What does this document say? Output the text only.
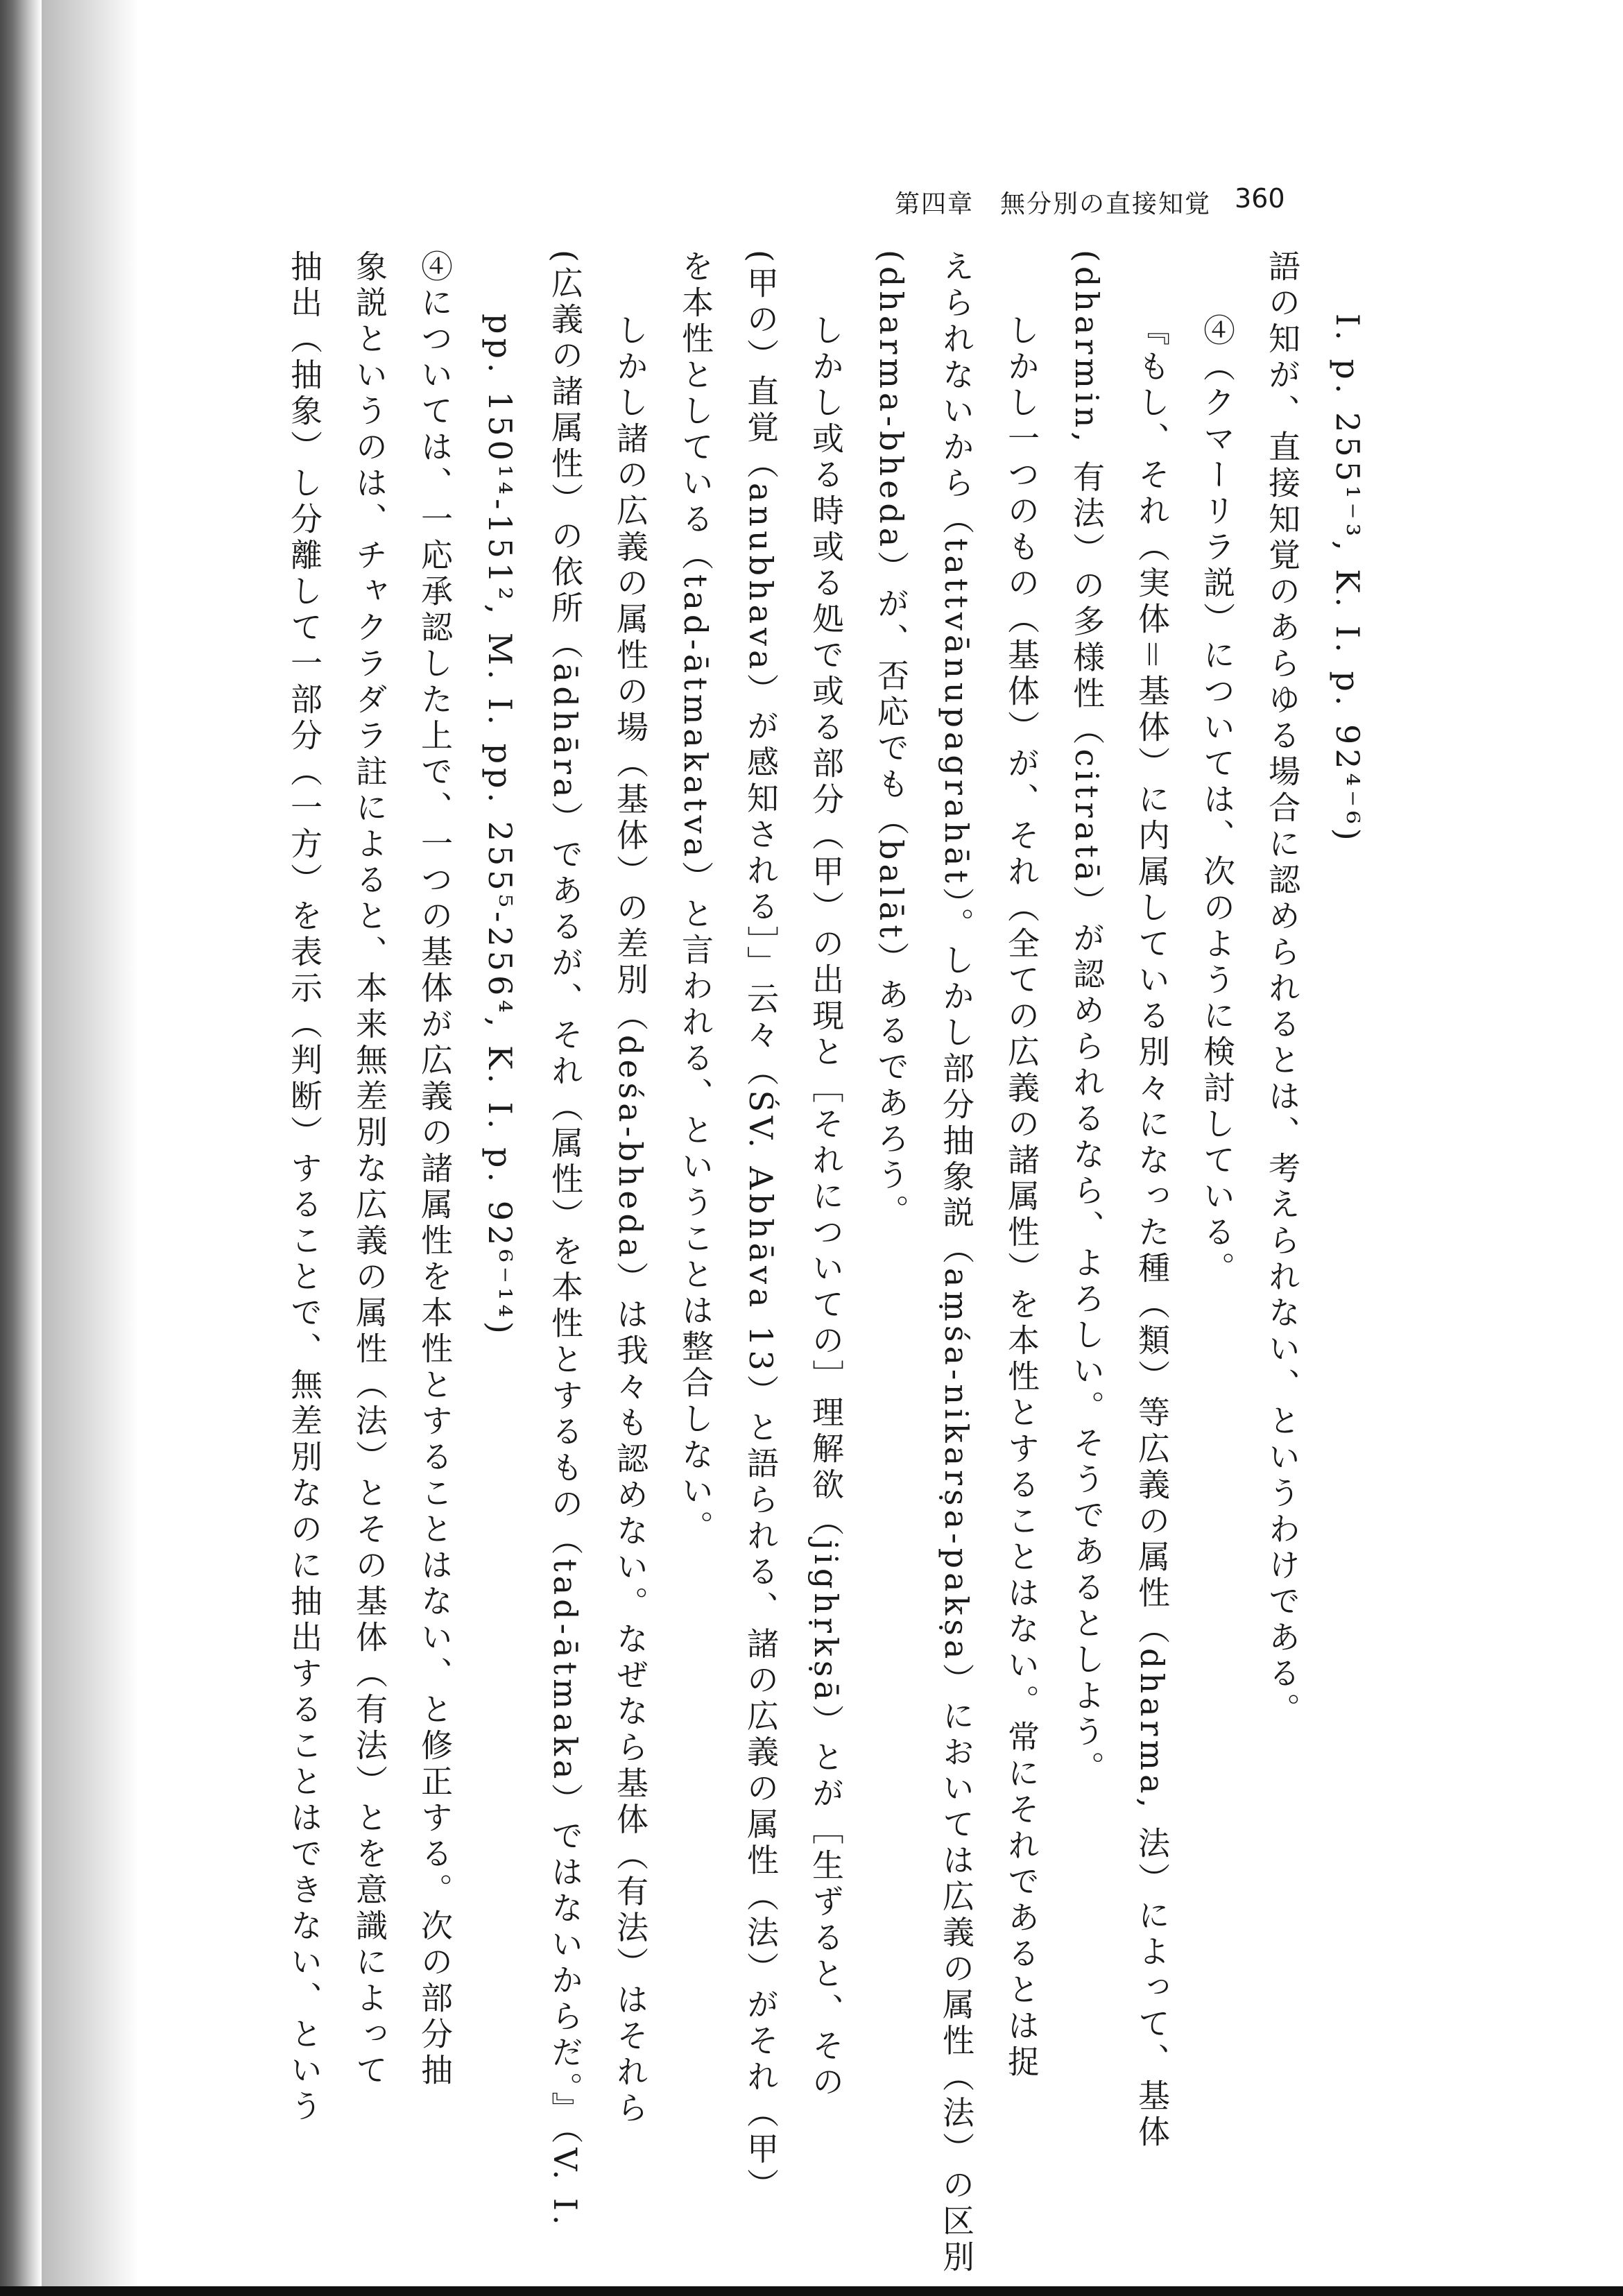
第四章　無分別の直接知覚 360
I. p. 255¹⁻³, K. I. p. 92⁴⁻⁶)
語の知が、直接知覚のあらゆる場合に認められるとは、考えられない、というわけである。
④（クマーリラ説）については、次のように検討している。
『もし、それ（実体＝基体）に内属している別々になった種（類）等広義の属性（dharma, 法）によって、基体
(dharmin, 有法）の多様性（citratā）が認められるなら、よろしい。そうであるとしよう。
しかし一つのもの（基体）が、それ（全ての広義の諸属性）を本性とすることはない。常にそれであるとは捉
えられないから（tattvānupagrahāt）。しかし部分抽象説（aṃśa-nikarṣa-pakṣa）においては広義の属性（法）の区別
(dharma-bheda）が、否応でも（balāt）あるであろう。
しかし或る時或る処で或る部分（甲）の出現と［それについての］理解欲（jighṛkṣā）とが［生ずると、その
(甲の）直覚（anubhava）が感知される］」云々（ŚV. Abhāva 13）と語られる、諸の広義の属性（法）がそれ（甲）
を本性としている（tad-ātmakatva）と言われる、ということは整合しない。
しかし諸の広義の属性の場（基体）の差別（deśa-bheda）は我々も認めない。なぜなら基体（有法）はそれら
(広義の諸属性）の依所（ādhāra）であるが、それ（属性）を本性とするもの（tad-ātmaka）ではないからだ。』（V. I.
pp. 150¹⁴-151², M. I. pp. 255⁵-256⁴, K. I. p. 92⁶⁻¹⁴)
④については、一応承認した上で、一つの基体が広義の諸属性を本性とすることはない、と修正する。次の部分抽
象説というのは、チャクラダラ註によると、本来無差別な広義の属性（法）とその基体（有法）とを意識によって
抽出（抽象）し分離して一部分（一方）を表示（判断）することで、無差別なのに抽出することはできない、という
